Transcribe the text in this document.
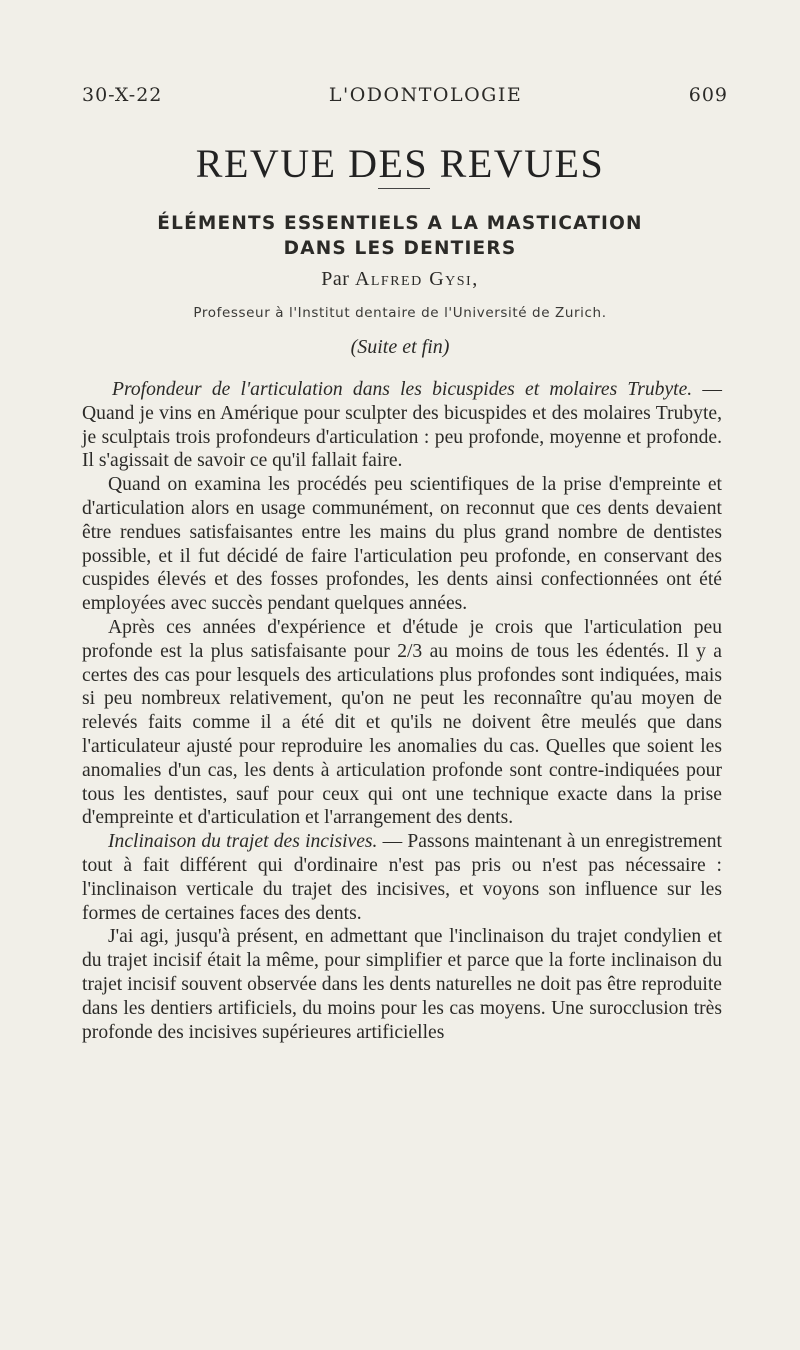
30-X-22	L'ODONTOLOGIE	609
REVUE DES REVUES
ÉLÉMENTS ESSENTIELS A LA MASTICATION
DANS LES DENTIERS
Par Alfred Gysi,
Professeur à l'Institut dentaire de l'Université de Zurich.
(Suite et fin)

Profondeur de l'articulation dans les bicuspides et molaires Trubyte. — Quand je vins en Amérique pour sculpter des bicuspides et des molaires Trubyte, je sculptais trois profondeurs d'articulation : peu profonde, moyenne et profonde. Il s'agissait de savoir ce qu'il fallait faire.

Quand on examina les procédés peu scientifiques de la prise d'empreinte et d'articulation alors en usage communément, on reconnut que ces dents devaient être rendues satisfaisantes entre les mains du plus grand nombre de dentistes possible, et il fut décidé de faire l'articulation peu profonde, en conservant des cuspides élevés et des fosses profondes, les dents ainsi confectionnées ont été employées avec succès pendant quelques années.

Après ces années d'expérience et d'étude je crois que l'articulation peu profonde est la plus satisfaisante pour 2/3 au moins de tous les édentés. Il y a certes des cas pour lesquels des articulations plus profondes sont indiquées, mais si peu nombreux relativement, qu'on ne peut les reconnaître qu'au moyen de relevés faits comme il a été dit et qu'ils ne doivent être meulés que dans l'articulateur ajusté pour reproduire les anomalies du cas. Quelles que soient les anomalies d'un cas, les dents à articulation profonde sont contre-indiquées pour tous les dentistes, sauf pour ceux qui ont une technique exacte dans la prise d'empreinte et d'articulation et l'arrangement des dents.

Inclinaison du trajet des incisives. — Passons maintenant à un enregistrement tout à fait différent qui d'ordinaire n'est pas pris ou n'est pas nécessaire : l'inclinaison verticale du trajet des incisives, et voyons son influence sur les formes de certaines faces des dents.

J'ai agi, jusqu'à présent, en admettant que l'inclinaison du trajet condylien et du trajet incisif était la même, pour simplifier et parce que la forte inclinaison du trajet incisif souvent observée dans les dents naturelles ne doit pas être reproduite dans les dentiers artificiels, du moins pour les cas moyens. Une surocclusion très profonde des incisives supérieures artificielles
